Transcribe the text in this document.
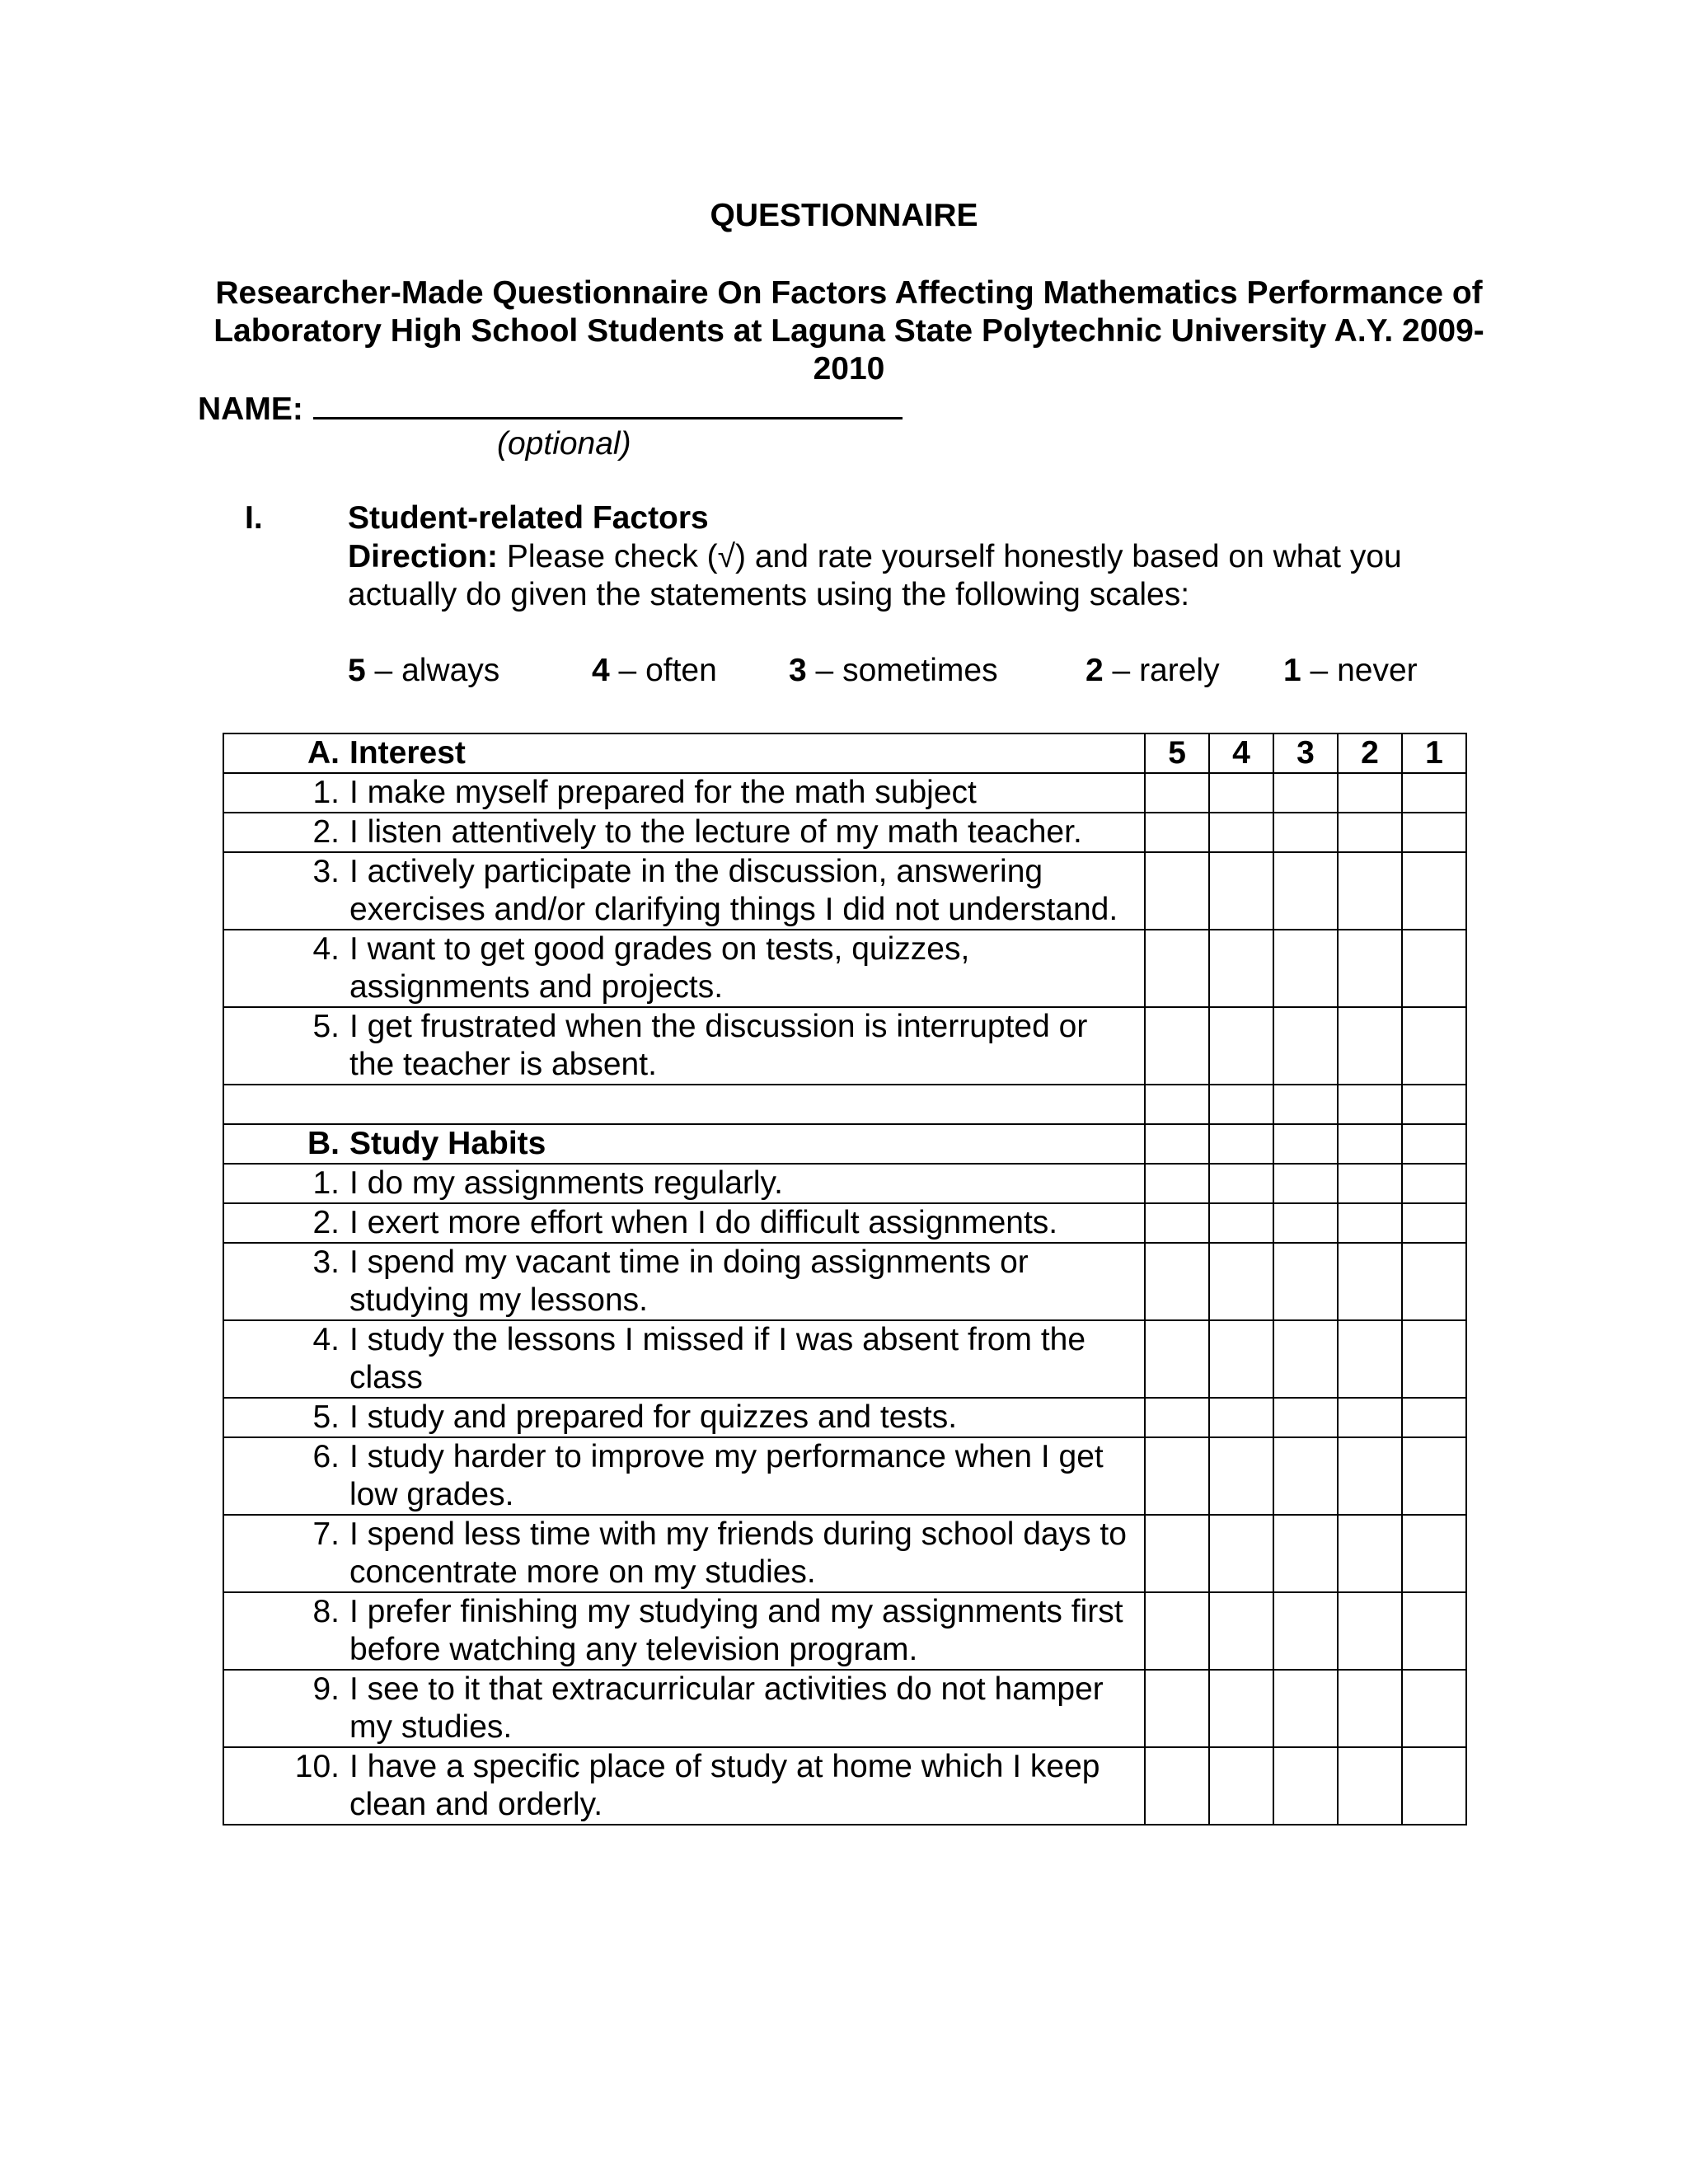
QUESTIONNAIRE
Researcher-Made Questionnaire On Factors Affecting Mathematics Performance of Laboratory High School Students at Laguna State Polytechnic University A.Y. 2009-2010
NAME:
(optional)
I.	Student-related Factors
Direction: Please check (√) and rate yourself honestly based on what you actually do given the statements using the following scales:
5 – always	4 – often 3 – sometimes	2 – rarely 1 – never
A. Interest	5	4	3	2	1

1. I make myself prepared for the math subject					

2. I listen attentively to the lecture of my math teacher.					

3. I actively participate in the discussion, answering exercises and/or clarifying things I did not understand.					

4. I want to get good grades on tests, quizzes, assignments and projects.					

5. I get frustrated when the discussion is interrupted or the teacher is absent.					

B. Study Habits					

1. I do my assignments regularly.					

2. I exert more effort when I do difficult assignments.					

3. I spend my vacant time in doing assignments or studying my lessons.					

4. I study the lessons I missed if I was absent from the class					

5. I study and prepared for quizzes and tests.					

6. I study harder to improve my performance when I get low grades.					

7. I spend less time with my friends during school days to concentrate more on my studies.					

8. I prefer finishing my studying and my assignments first before watching any television program.					

9. I see to it that extracurricular activities do not hamper my studies.					

10. I have a specific place of study at home which I keep clean and orderly.					
